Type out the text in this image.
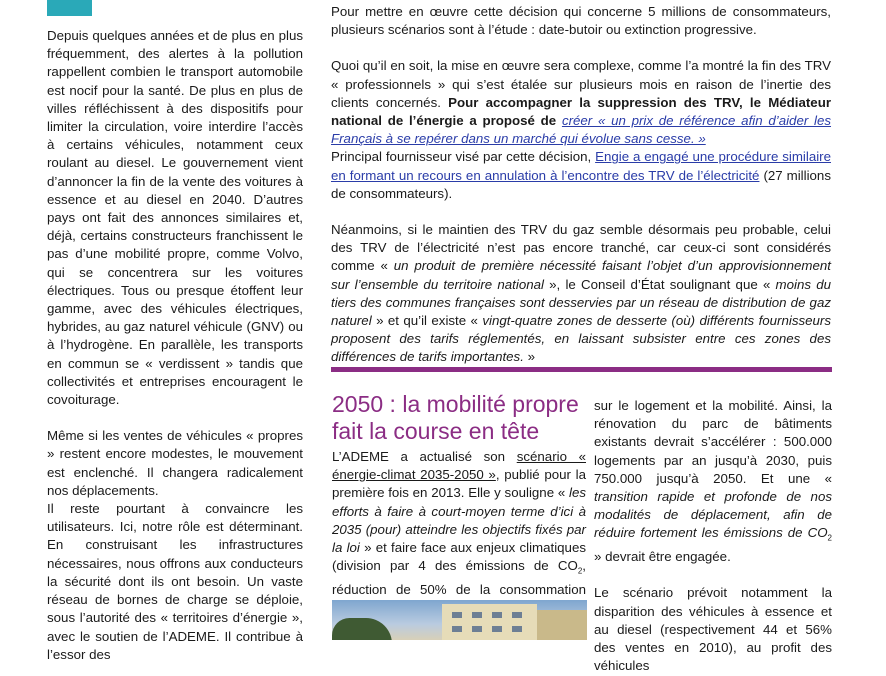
Depuis quelques années et de plus en plus fréquemment, des alertes à la pollution rappellent combien le transport automobile est nocif pour la santé. De plus en plus de villes réfléchissent à des dispositifs pour limiter la circulation, voire interdire l’accès à certains véhicules, notamment ceux roulant au diesel. Le gouvernement vient d’annoncer la fin de la vente des voitures à essence et au diesel en 2040. D’autres pays ont fait des annonces similaires et, déjà, certains constructeurs franchissent le pas d’une mobilité propre, comme Volvo, qui se concentrera sur les voitures électriques. Tous ou presque étoffent leur gamme, avec des véhicules électriques, hybrides, au gaz naturel véhicule (GNV) ou à l’hydrogène. En parallèle, les transports en commun se « verdissent » tandis que collectivités et entreprises encouragent le covoiturage.

Même si les ventes de véhicules « propres » restent encore modestes, le mouvement est enclenché. Il changera radicalement nos déplacements.

Il reste pourtant à convaincre les utilisateurs. Ici, notre rôle est déterminant. En construisant les infrastructures nécessaires, nous offrons aux conducteurs la sécurité dont ils ont besoin. Un vaste réseau de bornes de charge se déploie, sous l’autorité des « territoires d’énergie », avec le soutien de l’ADEME. Il contribue à l’essor des

Pour mettre en œuvre cette décision qui concerne 5 millions de consommateurs, plusieurs scénarios sont à l’étude : date-butoir ou extinction progressive.

Quoi qu’il en soit, la mise en œuvre sera complexe, comme l’a montré la fin des TRV « professionnels » qui s’est étalée sur plusieurs mois en raison de l’inertie des clients concernés. Pour accompagner la suppression des TRV, le Médiateur national de l’énergie a proposé de créer « un prix de référence afin d’aider les Français à se repérer dans un marché qui évolue sans cesse. »

Principal fournisseur visé par cette décision, Engie a engagé une procédure similaire en formant un recours en annulation à l’encontre des TRV de l’électricité (27 millions de consommateurs).

Néanmoins, si le maintien des TRV du gaz semble désormais peu probable, celui des TRV de l’électricité n’est pas encore tranché, car ceux-ci sont considérés comme « un produit de première nécessité faisant l’objet d’un approvisionnement sur l’ensemble du territoire national », le Conseil d’État soulignant que « moins du tiers des communes françaises sont desservies par un réseau de distribution de gaz naturel » et qu’il existe « vingt-quatre zones de desserte (où) différents fournisseurs proposent des tarifs réglementés, en laissant subsister entre ces zones des différences de tarifs importantes. »

2050 : la mobilité propre fait la course en tête

L’ADEME a actualisé son scénario « énergie-climat 2035-2050 », publié pour la première fois en 2013. Elle y souligne « les efforts à faire à court-moyen terme d’ici à 2035 (pour) atteindre les objectifs fixés par la loi » et faire face aux enjeux climatiques (division par 4 des émissions de $CO_2$, réduction de 50% de la consommation

sur le logement et la mobilité. Ainsi, la rénovation du parc de bâtiments existants devrait s’accélérer : 500.000 logements par an jusqu’à 2030, puis 750.000 jusqu’à 2050. Et une « transition rapide et profonde de nos modalités de déplacement, afin de réduire fortement les émissions de $CO_2$ » devrait être engagée.

Le scénario prévoit notamment la disparition des véhicules à essence et au diesel (respectivement 44 et 56% des ventes en 2010), au profit des véhicules
